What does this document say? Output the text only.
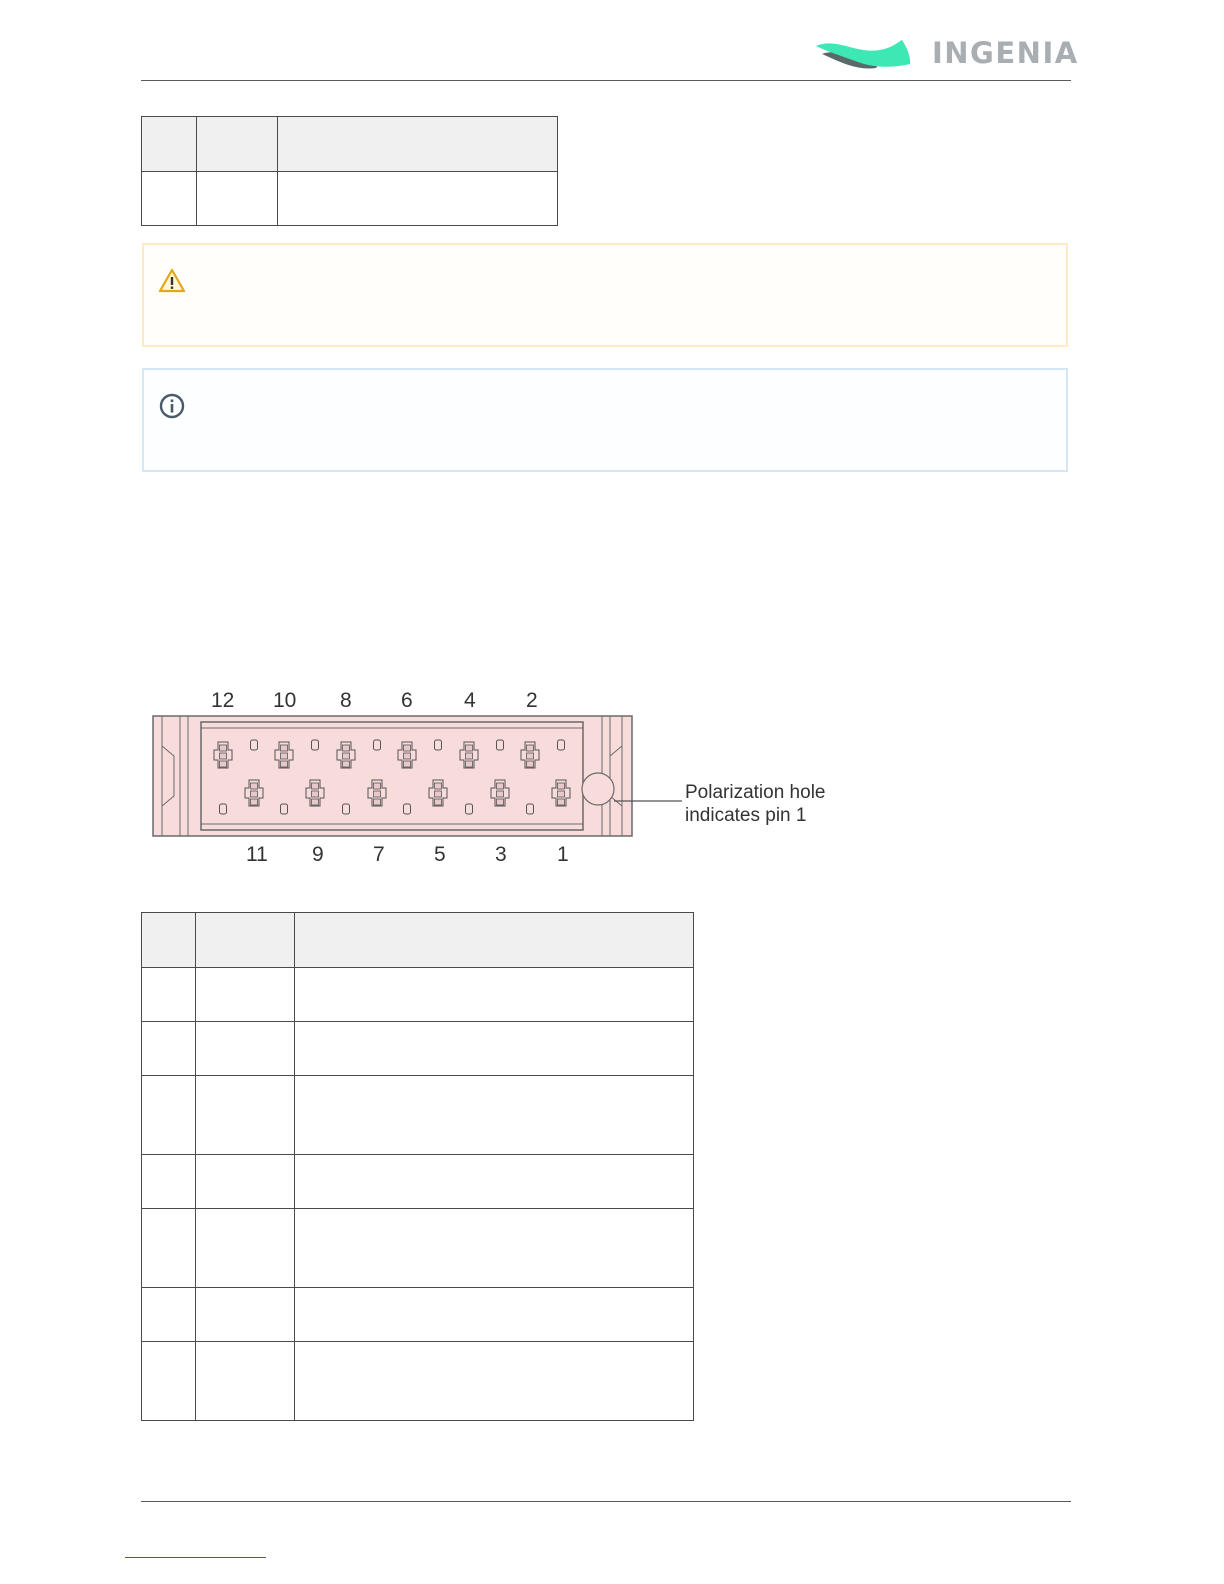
INGENIA

12 10 8 6 4 2
Polarization hole
indicates pin 1
11 9 7 5 3 1
